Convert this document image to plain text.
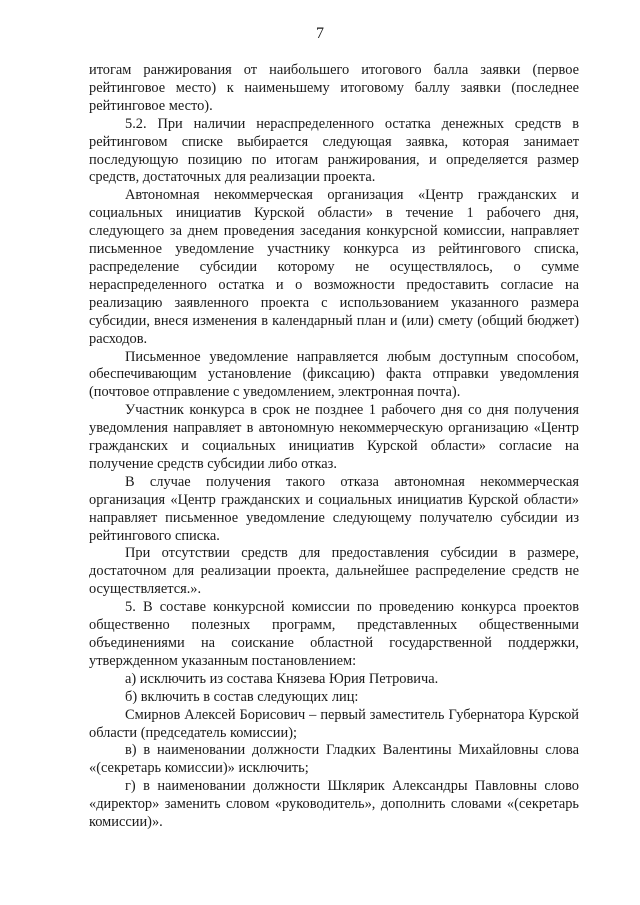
7

итогам ранжирования от наибольшего итогового балла заявки (первое рейтинговое место) к наименьшему итоговому баллу заявки (последнее рейтинговое место).

5.2. При наличии нераспределенного остатка денежных средств в рейтинговом списке выбирается следующая заявка, которая занимает последующую позицию по итогам ранжирования, и определяется размер средств, достаточных для реализации проекта.

Автономная некоммерческая организация «Центр гражданских и социальных инициатив Курской области» в течение 1 рабочего дня, следующего за днем проведения заседания конкурсной комиссии, направляет письменное уведомление участнику конкурса из рейтингового списка, распределение субсидии которому не осуществлялось, о сумме нераспределенного остатка и о возможности предоставить согласие на реализацию заявленного проекта с использованием указанного размера субсидии, внеся изменения в календарный план и (или) смету (общий бюджет) расходов.

Письменное уведомление направляется любым доступным способом, обеспечивающим установление (фиксацию) факта отправки уведомления (почтовое отправление с уведомлением, электронная почта).

Участник конкурса в срок не позднее 1 рабочего дня со дня получения уведомления направляет в автономную некоммерческую организацию «Центр гражданских и социальных инициатив Курской области» согласие на получение средств субсидии либо отказ.

В случае получения такого отказа автономная некоммерческая организация «Центр гражданских и социальных инициатив Курской области» направляет письменное уведомление следующему получателю субсидии из рейтингового списка.

При отсутствии средств для предоставления субсидии в размере, достаточном для реализации проекта, дальнейшее распределение средств не осуществляется.».

5. В составе конкурсной комиссии по проведению конкурса проектов общественно полезных программ, представленных общественными объединениями на соискание областной государственной поддержки, утвержденном указанным постановлением:

а) исключить из состава Князева Юрия Петровича.

б) включить в состав следующих лиц:

Смирнов Алексей Борисович – первый заместитель Губернатора Курской области (председатель комиссии);

в) в наименовании должности Гладких Валентины Михайловны слова «(секретарь комиссии)» исключить;

г) в наименовании должности Шклярик Александры Павловны слово «директор» заменить словом «руководитель», дополнить словами «(секретарь комиссии)».
